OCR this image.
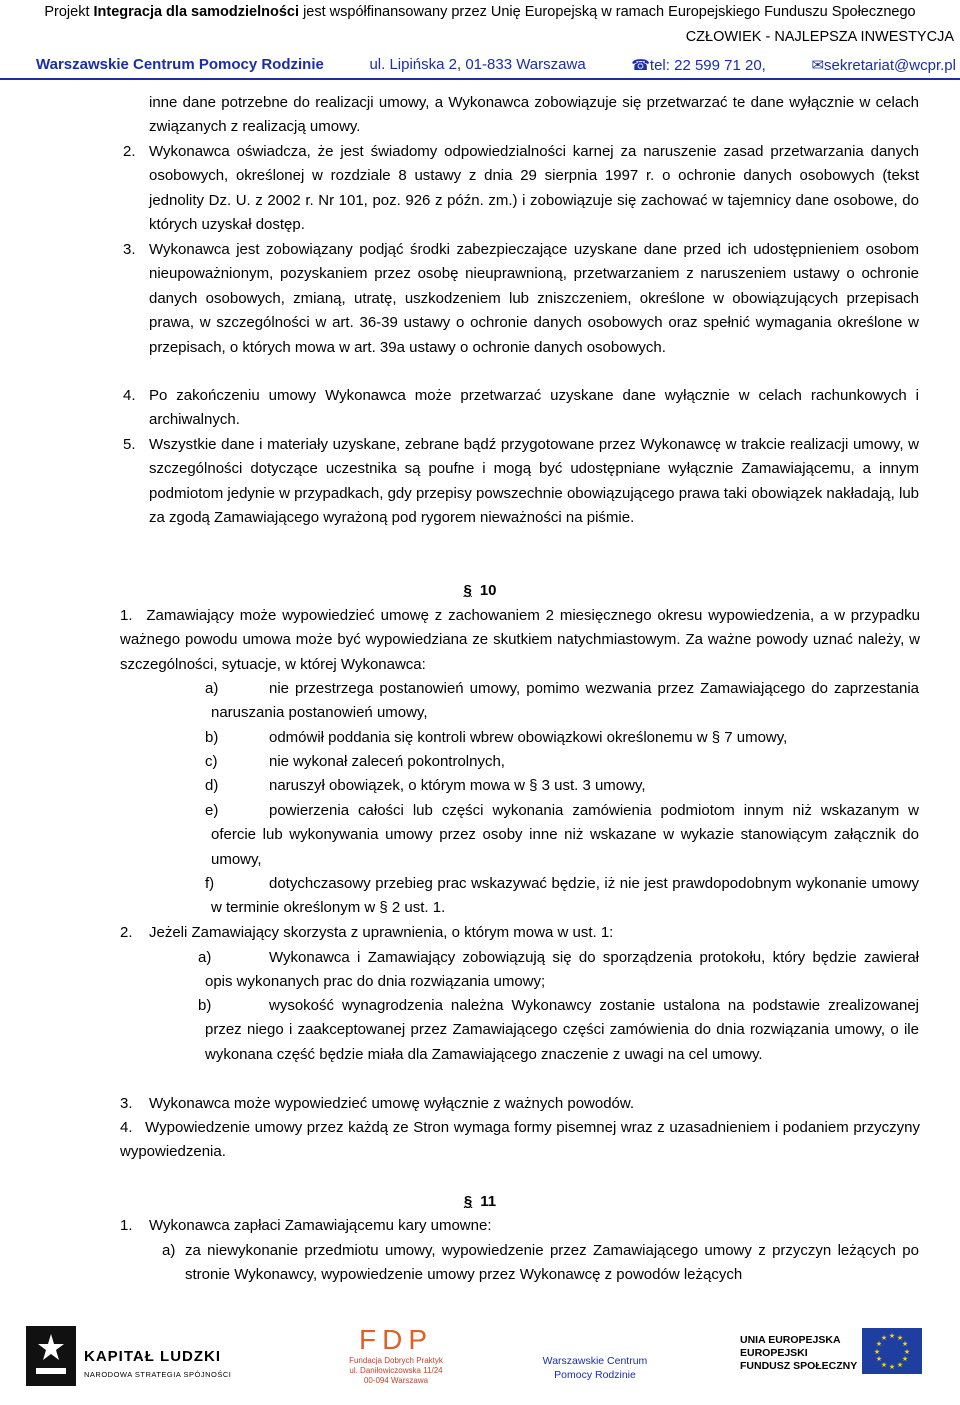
Projekt Integracja dla samodzielności jest współfinansowany przez Unię Europejską w ramach Europejskiego Funduszu Społecznego
CZŁOWIEK - NAJLEPSZA INWESTYCJA
Warszawskie Centrum Pomocy Rodzinie	ul. Lipińska 2, 01-833 Warszawa	☎tel: 22 599 71 20,	✉sekretariat@wcpr.pl
inne dane potrzebne do realizacji umowy, a Wykonawca zobowiązuje się przetwarzać te dane wyłącznie w celach związanych z realizacją umowy.
2. Wykonawca oświadcza, że jest świadomy odpowiedzialności karnej za naruszenie zasad przetwarzania danych osobowych, określonej w rozdziale 8 ustawy z dnia 29 sierpnia 1997 r. o ochronie danych osobowych (tekst jednolity Dz. U. z 2002 r. Nr 101, poz. 926 z późn. zm.) i zobowiązuje się zachować w tajemnicy dane osobowe, do których uzyskał dostęp.
3. Wykonawca jest zobowiązany podjąć środki zabezpieczające uzyskane dane przed ich udostępnieniem osobom nieupoważnionym, pozyskaniem przez osobę nieuprawnioną, przetwarzaniem z naruszeniem ustawy o ochronie danych osobowych, zmianą, utratę, uszkodzeniem lub zniszczeniem, określone w obowiązujących przepisach prawa, w szczególności w art. 36-39 ustawy o ochronie danych osobowych oraz spełnić wymagania określone w przepisach, o których mowa w art. 39a ustawy o ochronie danych osobowych.
4. Po zakończeniu umowy Wykonawca może przetwarzać uzyskane dane wyłącznie w celach rachunkowych i archiwalnych.
5. Wszystkie dane i materiały uzyskane, zebrane bądź przygotowane przez Wykonawcę w trakcie realizacji umowy, w szczególności dotyczące uczestnika są poufne i mogą być udostępniane wyłącznie Zamawiającemu, a innym podmiotom jedynie w przypadkach, gdy przepisy powszechnie obowiązującego prawa taki obowiązek nakładają, lub za zgodą Zamawiającego wyrażoną pod rygorem nieważności na piśmie.
§ 10
1. Zamawiający może wypowiedzieć umowę z zachowaniem 2 miesięcznego okresu wypowiedzenia, a w przypadku ważnego powodu umowa może być wypowiedziana ze skutkiem natychmiastowym. Za ważne powody uznać należy, w szczególności, sytuacje, w której Wykonawca:
a)	nie przestrzega postanowień umowy, pomimo wezwania przez Zamawiającego do zaprzestania naruszania postanowień umowy,
b)	odmówił poddania się kontroli wbrew obowiązkowi określonemu w § 7 umowy,
c)	nie wykonał zaleceń pokontrolnych,
d)	naruszył obowiązek, o którym mowa w § 3 ust. 3 umowy,
e)	powierzenia całości lub części wykonania zamówienia podmiotom innym niż wskazanym w ofercie lub wykonywania umowy przez osoby inne niż wskazane w wykazie stanowiącym załącznik do umowy,
f)	dotychczasowy przebieg prac wskazywać będzie, iż nie jest prawdopodobnym wykonanie umowy w terminie określonym w § 2 ust. 1.
2. Jeżeli Zamawiający skorzysta z uprawnienia, o którym mowa w ust. 1:
a)	Wykonawca i Zamawiający zobowiązują się do sporządzenia protokołu, który będzie zawierał opis wykonanych prac do dnia rozwiązania umowy;
b)	wysokość wynagrodzenia należna Wykonawcy zostanie ustalona na podstawie zrealizowanej przez niego i zaakceptowanej przez Zamawiającego części zamówienia do dnia rozwiązania umowy, o ile wykonana część będzie miała dla Zamawiającego znaczenie z uwagi na cel umowy.
3. Wykonawca może wypowiedzieć umowę wyłącznie z ważnych powodów.
4. Wypowiedzenie umowy przez każdą ze Stron wymaga formy pisemnej wraz z uzasadnieniem i podaniem przyczyny wypowiedzenia.
§ 11
1. Wykonawca zapłaci Zamawiającemu kary umowne:
a) za niewykonanie przedmiotu umowy, wypowiedzenie przez Zamawiającego umowy z przyczyn leżących po stronie Wykonawcy, wypowiedzenie umowy przez Wykonawcę z powodów leżących
KAPITAŁ LUDZKI
NARODOWA STRATEGIA SPÓJNOŚCI
FDP
Fundacja Dobrych Praktyk
ul. Daniłowiczowska 11/24
00-094 Warszawa
Warszawskie Centrum
Pomocy Rodzinie
UNIA EUROPEJSKA
EUROPEJSKI
FUNDUSZ SPOŁECZNY
★ ★
★
★
★
★
★
★
★
★
★
★
